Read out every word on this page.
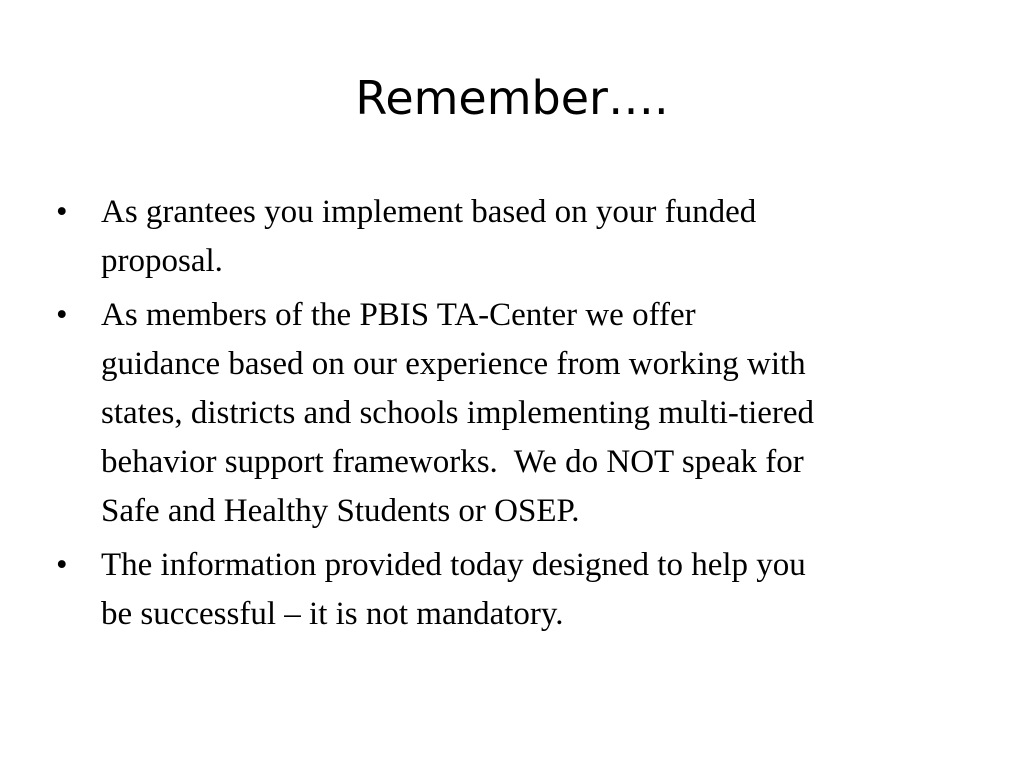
Remember….
•	As grantees you implement based on your funded
proposal.
•	As members of the PBIS TA-Center we offer
guidance based on our experience from working with
states, districts and schools implementing multi-tiered
behavior support frameworks.  We do NOT speak for
Safe and Healthy Students or OSEP.
•	The information provided today designed to help you
be successful – it is not mandatory.
